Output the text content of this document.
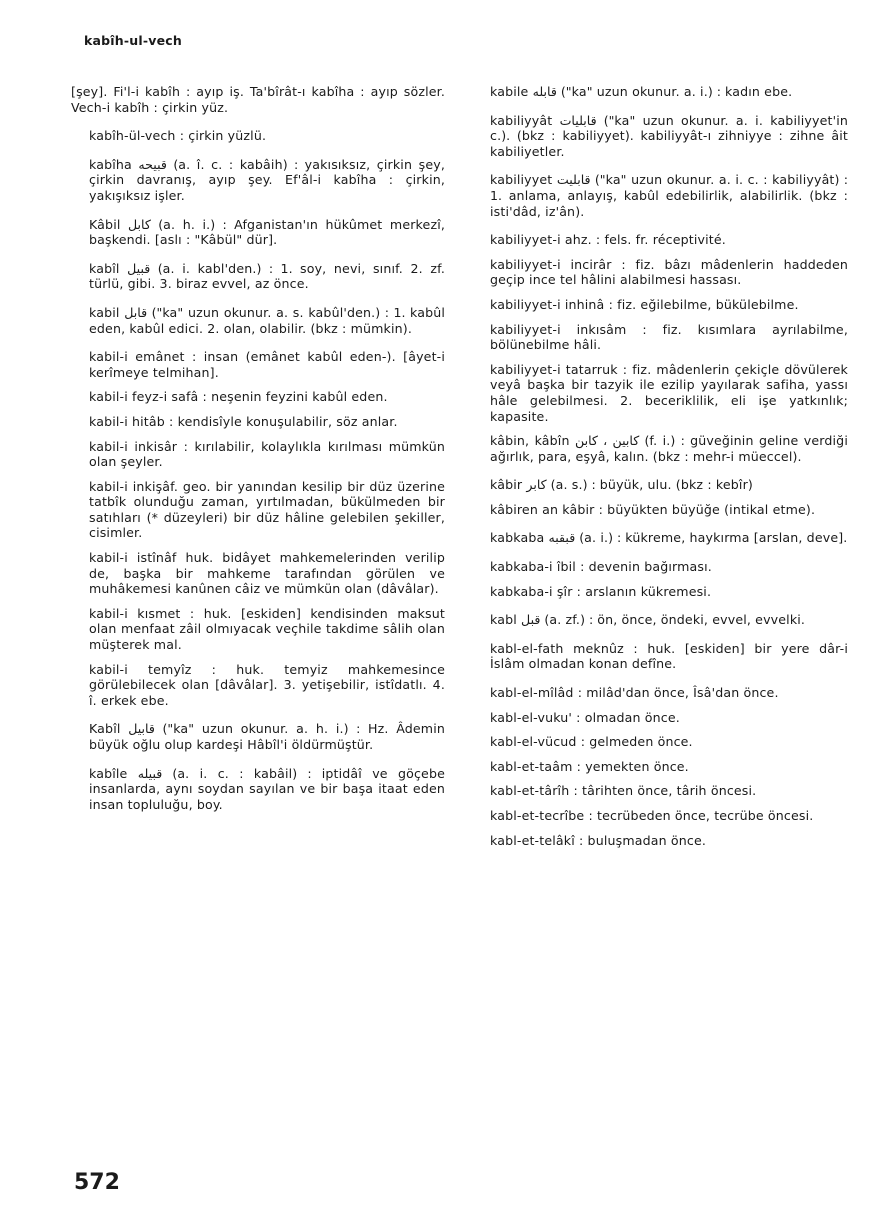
kabîh-ul-vech

[şey]. Fi'l-i kabîh : ayıp iş. Ta'bîrât-ı kabîha : ayıp sözler. Vech-i kabîh : çirkin yüz.

kabîh-ül-vech : çirkin yüzlü.

kabîha قبيحه (a. î. c. : kabâih) : yakısıksız, çirkin şey, çirkin davranış, ayıp şey. Ef'âl-i kabîha : çirkin, yakışıksız işler.

Kâbil كابل (a. h. i.) : Afganistan'ın hükûmet merkezî, başkendi. [aslı : "Kâbül" dür].

kabîl قبيل (a. i. kabl'den.) : 1. soy, nevi, sınıf. 2. zf. türlü, gibi. 3. biraz evvel, az önce.

kabil قابل ("ka" uzun okunur. a. s. kabûl'den.) : 1. kabûl eden, kabûl edici. 2. olan, olabilir. (bkz : mümkin).

kabil-i emânet : insan (emânet kabûl eden-). [âyet-i kerîmeye telmihan].

kabil-i feyz-i safâ : neşenin feyzini kabûl eden.

kabil-i hitâb : kendisîyle konuşulabilir, söz anlar.

kabil-i inkisâr : kırılabilir, kolaylıkla kırılması mümkün olan şeyler.

kabil-i inkişâf. geo. bir yanından kesilip bir düz üzerine tatbîk olunduğu zaman, yırtılmadan, bükülmeden bir satıhları (* düzeyleri) bir düz hâline gelebilen şekiller, cisimler.

kabil-i istînâf huk. bidâyet mahkemelerinden verilip de, başka bir mahkeme tarafından görülen ve muhâkemesi kanûnen câiz ve mümkün olan (dâvâlar).

kabil-i kısmet : huk. [eskiden] kendisinden maksut olan menfaat zâil olmıyacak veçhile takdime sâlih olan müşterek mal.

kabil-i temyîz : huk. temyiz mahkemesince görülebilecek olan [dâvâlar]. 3. yetişebilir, istîdatlı. 4. î. erkek ebe.

Kabîl قابيل ("ka" uzun okunur. a. h. i.) : Hz. Âdemin büyük oğlu olup kardeşi Hâbîl'i öldürmüştür.

kabîle قبيله (a. i. c. : kabâil) : iptidâî ve göçebe insanlarda, aynı soydan sayılan ve bir başa itaat eden insan topluluğu, boy.

kabile قابله ("ka" uzun okunur. a. i.) : kadın ebe.

kabiliyyât قابليات ("ka" uzun okunur. a. i. kabiliyyet'in c.). (bkz : kabiliyyet). kabiliyyât-ı zihniyye : zihne âit kabiliyetler.

kabiliyyet قابليت ("ka" uzun okunur. a. i. c. : kabiliyyât) : 1. anlama, anlayış, kabûl edebilirlik, alabilirlik. (bkz : isti'dâd, iz'ân).

kabiliyyet-i ahz. : fels. fr. réceptivité.

kabiliyyet-i incirâr : fiz. bâzı mâdenlerin haddeden geçip ince tel hâlini alabilmesi hassası.

kabiliyyet-i inhinâ : fiz. eğilebilme, bükülebilme.

kabiliyyet-i inkısâm : fiz. kısımlara ayrılabilme, bölünebilme hâli.

kabiliyyet-i tatarruk : fiz. mâdenlerin çekiçle dövülerek veyâ başka bir tazyik ile ezilip yayılarak safiha, yassı hâle gelebilmesi. 2. beceriklilik, eli işe yatkınlık; kapasite.

kâbin, kâbîn كابين ، كابن (f. i.) : güveğinin geline verdiği ağırlık, para, eşyâ, kalın. (bkz : mehr-i müeccel).

kâbir كابر (a. s.) : büyük, ulu. (bkz : kebîr)

kâbiren an kâbir : büyükten büyüğe (intikal etme).

kabkaba قبقبه (a. i.) : kükreme, haykırma [arslan, deve].

kabkaba-i îbil : devenin bağırması.

kabkaba-i şîr : arslanın kükremesi.

kabl قبل (a. zf.) : ön, önce, öndeki, evvel, evvelki.

kabl-el-fath meknûz : huk. [eskiden] bir yere dâr-i İslâm olmadan konan defîne.

kabl-el-mîlâd : milâd'dan önce, Îsâ'dan önce.

kabl-el-vuku' : olmadan önce.

kabl-el-vücud : gelmeden önce.

kabl-et-taâm : yemekten önce.

kabl-et-târîh : târihten önce, târih öncesi.

kabl-et-tecrîbe : tecrübeden önce, tecrübe öncesi.

kabl-et-telâkî : buluşmadan önce.

572
